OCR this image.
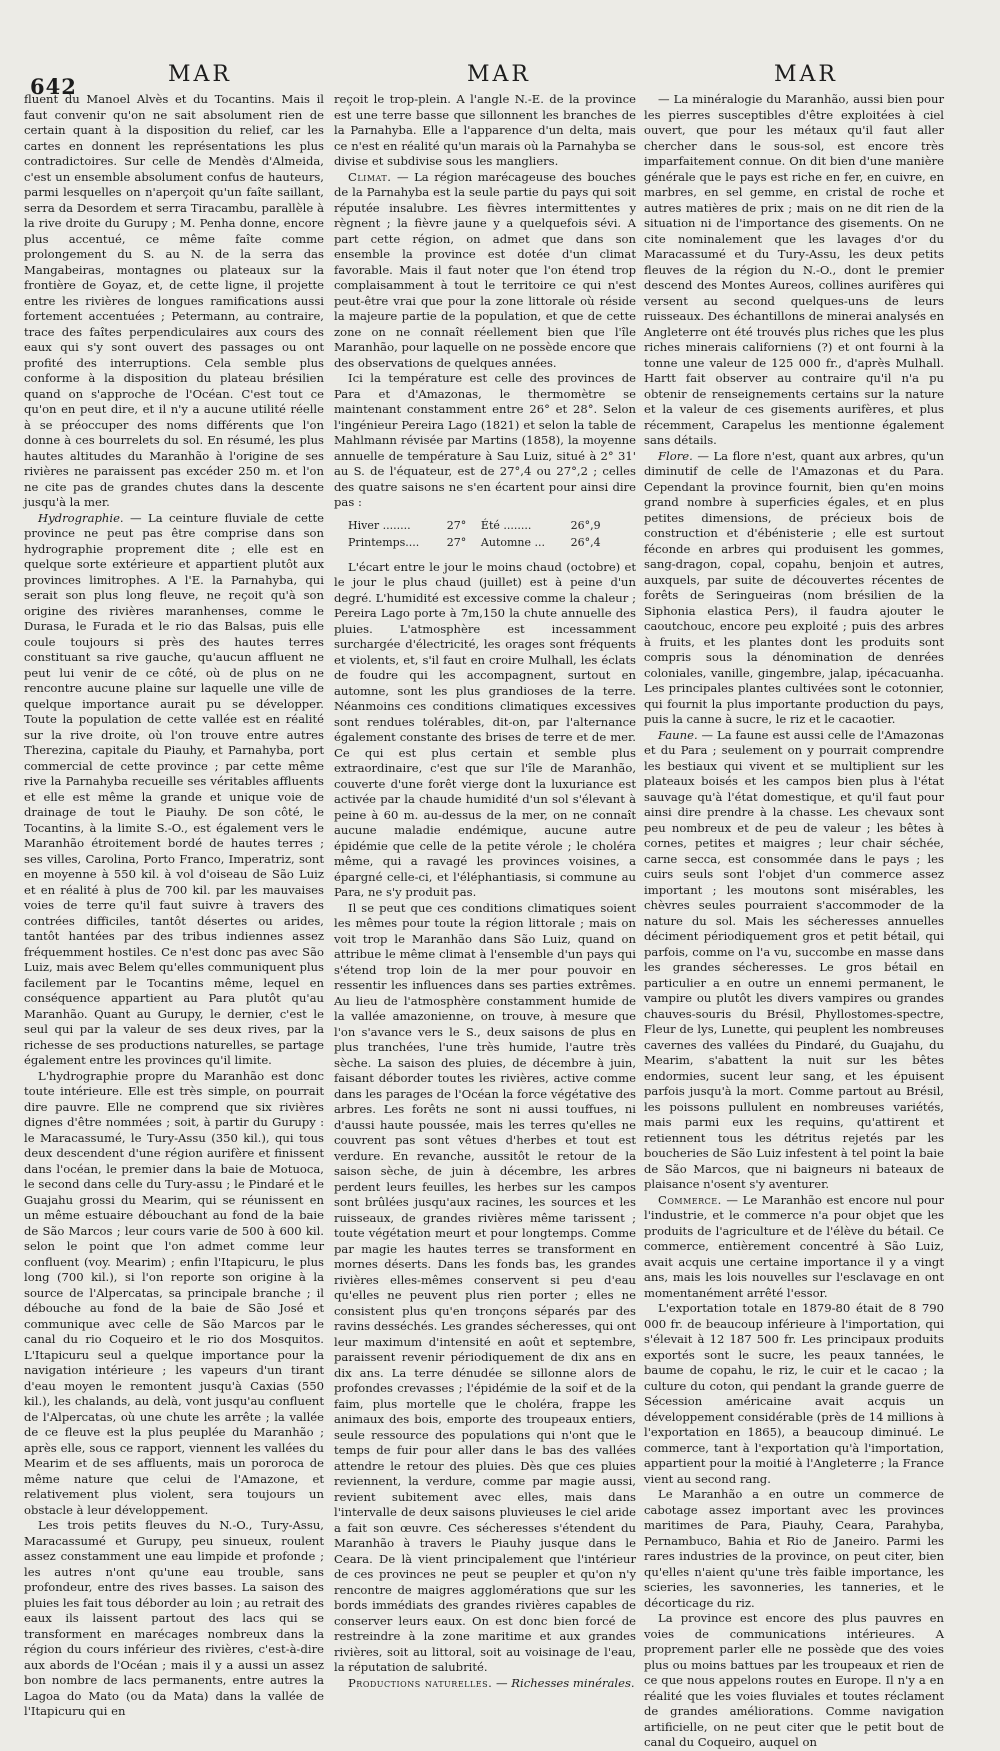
642	MAR	MAR	MAR

fluent du Manoel Alvès et du Tocantins. Mais il faut convenir qu'on ne sait absolument rien de certain quant à la disposition du relief, car les cartes en donnent les représentations les plus contradictoires. Sur celle de Mendès d'Almeida, c'est un ensemble absolument confus de hauteurs, parmi lesquelles on n'aperçoit qu'un faîte saillant, serra da Desordem et serra Tiracambu, parallèle à la rive droite du Gurupy ; M. Penha donne, encore plus accentué, ce même faîte comme prolongement du S. au N. de la serra das Mangabeiras, montagnes ou plateaux sur la frontière de Goyaz, et, de cette ligne, il projette entre les rivières de longues ramifications aussi fortement accentuées ; Petermann, au contraire, trace des faîtes perpendiculaires aux cours des eaux qui s'y sont ouvert des passages ou ont profité des interruptions. Cela semble plus conforme à la disposition du plateau brésilien quand on s'approche de l'Océan. C'est tout ce qu'on en peut dire, et il n'y a aucune utilité réelle à se préoccuper des noms différents que l'on donne à ces bourrelets du sol. En résumé, les plus hautes altitudes du Maranhão à l'origine de ses rivières ne paraissent pas excéder 250 m. et l'on ne cite pas de grandes chutes dans la descente jusqu'à la mer.

Hydrographie. — La ceinture fluviale de cette province ne peut pas être comprise dans son hydrographie proprement dite ; elle est en quelque sorte extérieure et appartient plutôt aux provinces limitrophes. A l'E. la Parnahyba, qui serait son plus long fleuve, ne reçoit qu'à son origine des rivières maranhenses, comme le Durasa, le Furada et le rio das Balsas, puis elle coule toujours si près des hautes terres constituant sa rive gauche, qu'aucun affluent ne peut lui venir de ce côté, où de plus on ne rencontre aucune plaine sur laquelle une ville de quelque importance aurait pu se développer. Toute la population de cette vallée est en réalité sur la rive droite, où l'on trouve entre autres Therezina, capitale du Piauhy, et Parnahyba, port commercial de cette province ; par cette même rive la Parnahyba recueille ses véritables affluents et elle est même la grande et unique voie de drainage de tout le Piauhy. De son côté, le Tocantins, à la limite S.-O., est également vers le Maranhão étroitement bordé de hautes terres ; ses villes, Carolina, Porto Franco, Imperatriz, sont en moyenne à 550 kil. à vol d'oiseau de São Luiz et en réalité à plus de 700 kil. par les mauvaises voies de terre qu'il faut suivre à travers des contrées difficiles, tantôt désertes ou arides, tantôt hantées par des tribus indiennes assez fréquemment hostiles. Ce n'est donc pas avec São Luiz, mais avec Belem qu'elles communiquent plus facilement par le Tocantins même, lequel en conséquence appartient au Para plutôt qu'au Maranhão. Quant au Gurupy, le dernier, c'est le seul qui par la valeur de ses deux rives, par la richesse de ses productions naturelles, se partage également entre les provinces qu'il limite.

L'hydrographie propre du Maranhão est donc toute intérieure. Elle est très simple, on pourrait dire pauvre. Elle ne comprend que six rivières dignes d'être nommées ; soit, à partir du Gurupy : le Maracassumé, le Tury-Assu (350 kil.), qui tous deux descendent d'une région aurifère et finissent dans l'océan, le premier dans la baie de Motuoca, le second dans celle du Tury-assu ; le Pindaré et le Guajahu grossi du Mearim, qui se réunissent en un même estuaire débouchant au fond de la baie de São Marcos ; leur cours varie de 500 à 600 kil. selon le point que l'on admet comme leur confluent (voy. Mearim) ; enfin l'Itapicuru, le plus long (700 kil.), si l'on reporte son origine à la source de l'Alpercatas, sa principale branche ; il débouche au fond de la baie de São José et communique avec celle de São Marcos par le canal du rio Coqueiro et le rio dos Mosquitos. L'Itapicuru seul a quelque importance pour la navigation intérieure ; les vapeurs d'un tirant d'eau moyen le remontent jusqu'à Caxias (550 kil.), les chalands, au delà, vont jusqu'au confluent de l'Alpercatas, où une chute les arrête ; la vallée de ce fleuve est la plus peuplée du Maranhão ; après elle, sous ce rapport, viennent les vallées du Mearim et de ses affluents, mais un pororoca de même nature que celui de l'Amazone, et relativement plus violent, sera toujours un obstacle à leur développement.

Les trois petits fleuves du N.-O., Tury-Assu, Maracassumé et Gurupy, peu sinueux, roulent assez constamment une eau limpide et profonde ; les autres n'ont qu'une eau trouble, sans profondeur, entre des rives basses. La saison des pluies les fait tous déborder au loin ; au retrait des eaux ils laissent partout des lacs qui se transforment en marécages nombreux dans la région du cours inférieur des rivières, c'est-à-dire aux abords de l'Océan ; mais il y a aussi un assez bon nombre de lacs permanents, entre autres la Lagoa do Mato (ou da Mata) dans la vallée de l'Itapicuru qui en

reçoit le trop-plein. A l'angle N.-E. de la province est une terre basse que sillonnent les branches de la Parnahyba. Elle a l'apparence d'un delta, mais ce n'est en réalité qu'un marais où la Parnahyba se divise et subdivise sous les mangliers.

Climat. — La région marécageuse des bouches de la Parnahyba est la seule partie du pays qui soit réputée insalubre. Les fièvres intermittentes y règnent ; la fièvre jaune y a quelquefois sévi. A part cette région, on admet que dans son ensemble la province est dotée d'un climat favorable. Mais il faut noter que l'on étend trop complaisamment à tout le territoire ce qui n'est peut-être vrai que pour la zone littorale où réside la majeure partie de la population, et que de cette zone on ne connaît réellement bien que l'île Maranhão, pour laquelle on ne possède encore que des observations de quelques années.

Ici la température est celle des provinces de Para et d'Amazonas, le thermomètre se maintenant constamment entre 26° et 28°. Selon l'ingénieur Pereira Lago (1821) et selon la table de Mahlmann révisée par Martins (1858), la moyenne annuelle de température à Sau Luiz, situé à 2° 31' au S. de l'équateur, est de 27°,4 ou 27°,2 ; celles des quatre saisons ne s'en écartent pour ainsi dire pas :

Hiver ........	27°	Été ........	26°,9
Printemps....	27°	Automne ...	26°,4

L'écart entre le jour le moins chaud (octobre) et le jour le plus chaud (juillet) est à peine d'un degré. L'humidité est excessive comme la chaleur ; Pereira Lago porte à 7m,150 la chute annuelle des pluies. L'atmosphère est incessamment surchargée d'électricité, les orages sont fréquents et violents, et, s'il faut en croire Mulhall, les éclats de foudre qui les accompagnent, surtout en automne, sont les plus grandioses de la terre. Néanmoins ces conditions climatiques excessives sont rendues tolérables, dit-on, par l'alternance également constante des brises de terre et de mer. Ce qui est plus certain et semble plus extraordinaire, c'est que sur l'île de Maranhão, couverte d'une forêt vierge dont la luxuriance est activée par la chaude humidité d'un sol s'élevant à peine à 60 m. au-dessus de la mer, on ne connaît aucune maladie endémique, aucune autre épidémie que celle de la petite vérole ; le choléra même, qui a ravagé les provinces voisines, a épargné celle-ci, et l'éléphantiasis, si commune au Para, ne s'y produit pas.

Il se peut que ces conditions climatiques soient les mêmes pour toute la région littorale ; mais on voit trop le Maranhão dans São Luiz, quand on attribue le même climat à l'ensemble d'un pays qui s'étend trop loin de la mer pour pouvoir en ressentir les influences dans ses parties extrêmes. Au lieu de l'atmosphère constamment humide de la vallée amazonienne, on trouve, à mesure que l'on s'avance vers le S., deux saisons de plus en plus tranchées, l'une très humide, l'autre très sèche. La saison des pluies, de décembre à juin, faisant déborder toutes les rivières, active comme dans les parages de l'Océan la force végétative des arbres. Les forêts ne sont ni aussi touffues, ni d'aussi haute poussée, mais les terres qu'elles ne couvrent pas sont vêtues d'herbes et tout est verdure. En revanche, aussitôt le retour de la saison sèche, de juin à décembre, les arbres perdent leurs feuilles, les herbes sur les campos sont brûlées jusqu'aux racines, les sources et les ruisseaux, de grandes rivières même tarissent ; toute végétation meurt et pour longtemps. Comme par magie les hautes terres se transforment en mornes déserts. Dans les fonds bas, les grandes rivières elles-mêmes conservent si peu d'eau qu'elles ne peuvent plus rien porter ; elles ne consistent plus qu'en tronçons séparés par des ravins desséchés. Les grandes sécheresses, qui ont leur maximum d'intensité en août et septembre, paraissent revenir périodiquement de dix ans en dix ans. La terre dénudée se sillonne alors de profondes crevasses ; l'épidémie de la soif et de la faim, plus mortelle que le choléra, frappe les animaux des bois, emporte des troupeaux entiers, seule ressource des populations qui n'ont que le temps de fuir pour aller dans le bas des vallées attendre le retour des pluies. Dès que ces pluies reviennent, la verdure, comme par magie aussi, revient subitement avec elles, mais dans l'intervalle de deux saisons pluvieuses le ciel aride a fait son œuvre. Ces sécheresses s'étendent du Maranhão à travers le Piauhy jusque dans le Ceara. De là vient principalement que l'intérieur de ces provinces ne peut se peupler et qu'on n'y rencontre de maigres agglomérations que sur les bords immédiats des grandes rivières capables de conserver leurs eaux. On est donc bien forcé de restreindre à la zone maritime et aux grandes rivières, soit au littoral, soit au voisinage de l'eau, la réputation de salubrité.

Productions naturelles. — Richesses minérales.

— La minéralogie du Maranhão, aussi bien pour les pierres susceptibles d'être exploitées à ciel ouvert, que pour les métaux qu'il faut aller chercher dans le sous-sol, est encore très imparfaitement connue. On dit bien d'une manière générale que le pays est riche en fer, en cuivre, en marbres, en sel gemme, en cristal de roche et autres matières de prix ; mais on ne dit rien de la situation ni de l'importance des gisements. On ne cite nominalement que les lavages d'or du Maracassumé et du Tury-Assu, les deux petits fleuves de la région du N.-O., dont le premier descend des Montes Aureos, collines aurifères qui versent au second quelques-uns de leurs ruisseaux. Des échantillons de minerai analysés en Angleterre ont été trouvés plus riches que les plus riches minerais californiens (?) et ont fourni à la tonne une valeur de 125 000 fr., d'après Mulhall. Hartt fait observer au contraire qu'il n'a pu obtenir de renseignements certains sur la nature et la valeur de ces gisements aurifères, et plus récemment, Carapelus les mentionne également sans détails.

Flore. — La flore n'est, quant aux arbres, qu'un diminutif de celle de l'Amazonas et du Para. Cependant la province fournit, bien qu'en moins grand nombre à superficies égales, et en plus petites dimensions, de précieux bois de construction et d'ébénisterie ; elle est surtout féconde en arbres qui produisent les gommes, sang-dragon, copal, copahu, benjoin et autres, auxquels, par suite de découvertes récentes de forêts de Seringueiras (nom brésilien de la Siphonia elastica Pers), il faudra ajouter le caoutchouc, encore peu exploité ; puis des arbres à fruits, et les plantes dont les produits sont compris sous la dénomination de denrées coloniales, vanille, gingembre, jalap, ipécacuanha. Les principales plantes cultivées sont le cotonnier, qui fournit la plus importante production du pays, puis la canne à sucre, le riz et le cacaotier.

Faune. — La faune est aussi celle de l'Amazonas et du Para ; seulement on y pourrait comprendre les bestiaux qui vivent et se multiplient sur les plateaux boisés et les campos bien plus à l'état sauvage qu'à l'état domestique, et qu'il faut pour ainsi dire prendre à la chasse. Les chevaux sont peu nombreux et de peu de valeur ; les bêtes à cornes, petites et maigres ; leur chair séchée, carne secca, est consommée dans le pays ; les cuirs seuls sont l'objet d'un commerce assez important ; les moutons sont misérables, les chèvres seules pourraient s'accommoder de la nature du sol. Mais les sécheresses annuelles déciment périodiquement gros et petit bétail, qui parfois, comme on l'a vu, succombe en masse dans les grandes sécheresses. Le gros bétail en particulier a en outre un ennemi permanent, le vampire ou plutôt les divers vampires ou grandes chauves-souris du Brésil, Phyllostomes-spectre, Fleur de lys, Lunette, qui peuplent les nombreuses cavernes des vallées du Pindaré, du Guajahu, du Mearim, s'abattent la nuit sur les bêtes endormies, sucent leur sang, et les épuisent parfois jusqu'à la mort. Comme partout au Brésil, les poissons pullulent en nombreuses variétés, mais parmi eux les requins, qu'attirent et retiennent tous les détritus rejetés par les boucheries de São Luiz infestent à tel point la baie de São Marcos, que ni baigneurs ni bateaux de plaisance n'osent s'y aventurer.

Commerce. — Le Maranhão est encore nul pour l'industrie, et le commerce n'a pour objet que les produits de l'agriculture et de l'élève du bétail. Ce commerce, entièrement concentré à São Luiz, avait acquis une certaine importance il y a vingt ans, mais les lois nouvelles sur l'esclavage en ont momentanément arrêté l'essor.

L'exportation totale en 1879-80 était de 8 790 000 fr. de beaucoup inférieure à l'importation, qui s'élevait à 12 187 500 fr. Les principaux produits exportés sont le sucre, les peaux tannées, le baume de copahu, le riz, le cuir et le cacao ; la culture du coton, qui pendant la grande guerre de Sécession américaine avait acquis un développement considérable (près de 14 millions à l'exportation en 1865), a beaucoup diminué. Le commerce, tant à l'exportation qu'à l'importation, appartient pour la moitié à l'Angleterre ; la France vient au second rang.

Le Maranhão a en outre un commerce de cabotage assez important avec les provinces maritimes de Para, Piauhy, Ceara, Parahyba, Pernambuco, Bahia et Rio de Janeiro. Parmi les rares industries de la province, on peut citer, bien qu'elles n'aient qu'une très faible importance, les scieries, les savonneries, les tanneries, et le décorticage du riz.

La province est encore des plus pauvres en voies de communications intérieures. A proprement parler elle ne possède que des voies plus ou moins battues par les troupeaux et rien de ce que nous appelons routes en Europe. Il n'y a en réalité que les voies fluviales et toutes réclament de grandes améliorations. Comme navigation artificielle, on ne peut citer que le petit bout de canal du Coqueiro, auquel on
